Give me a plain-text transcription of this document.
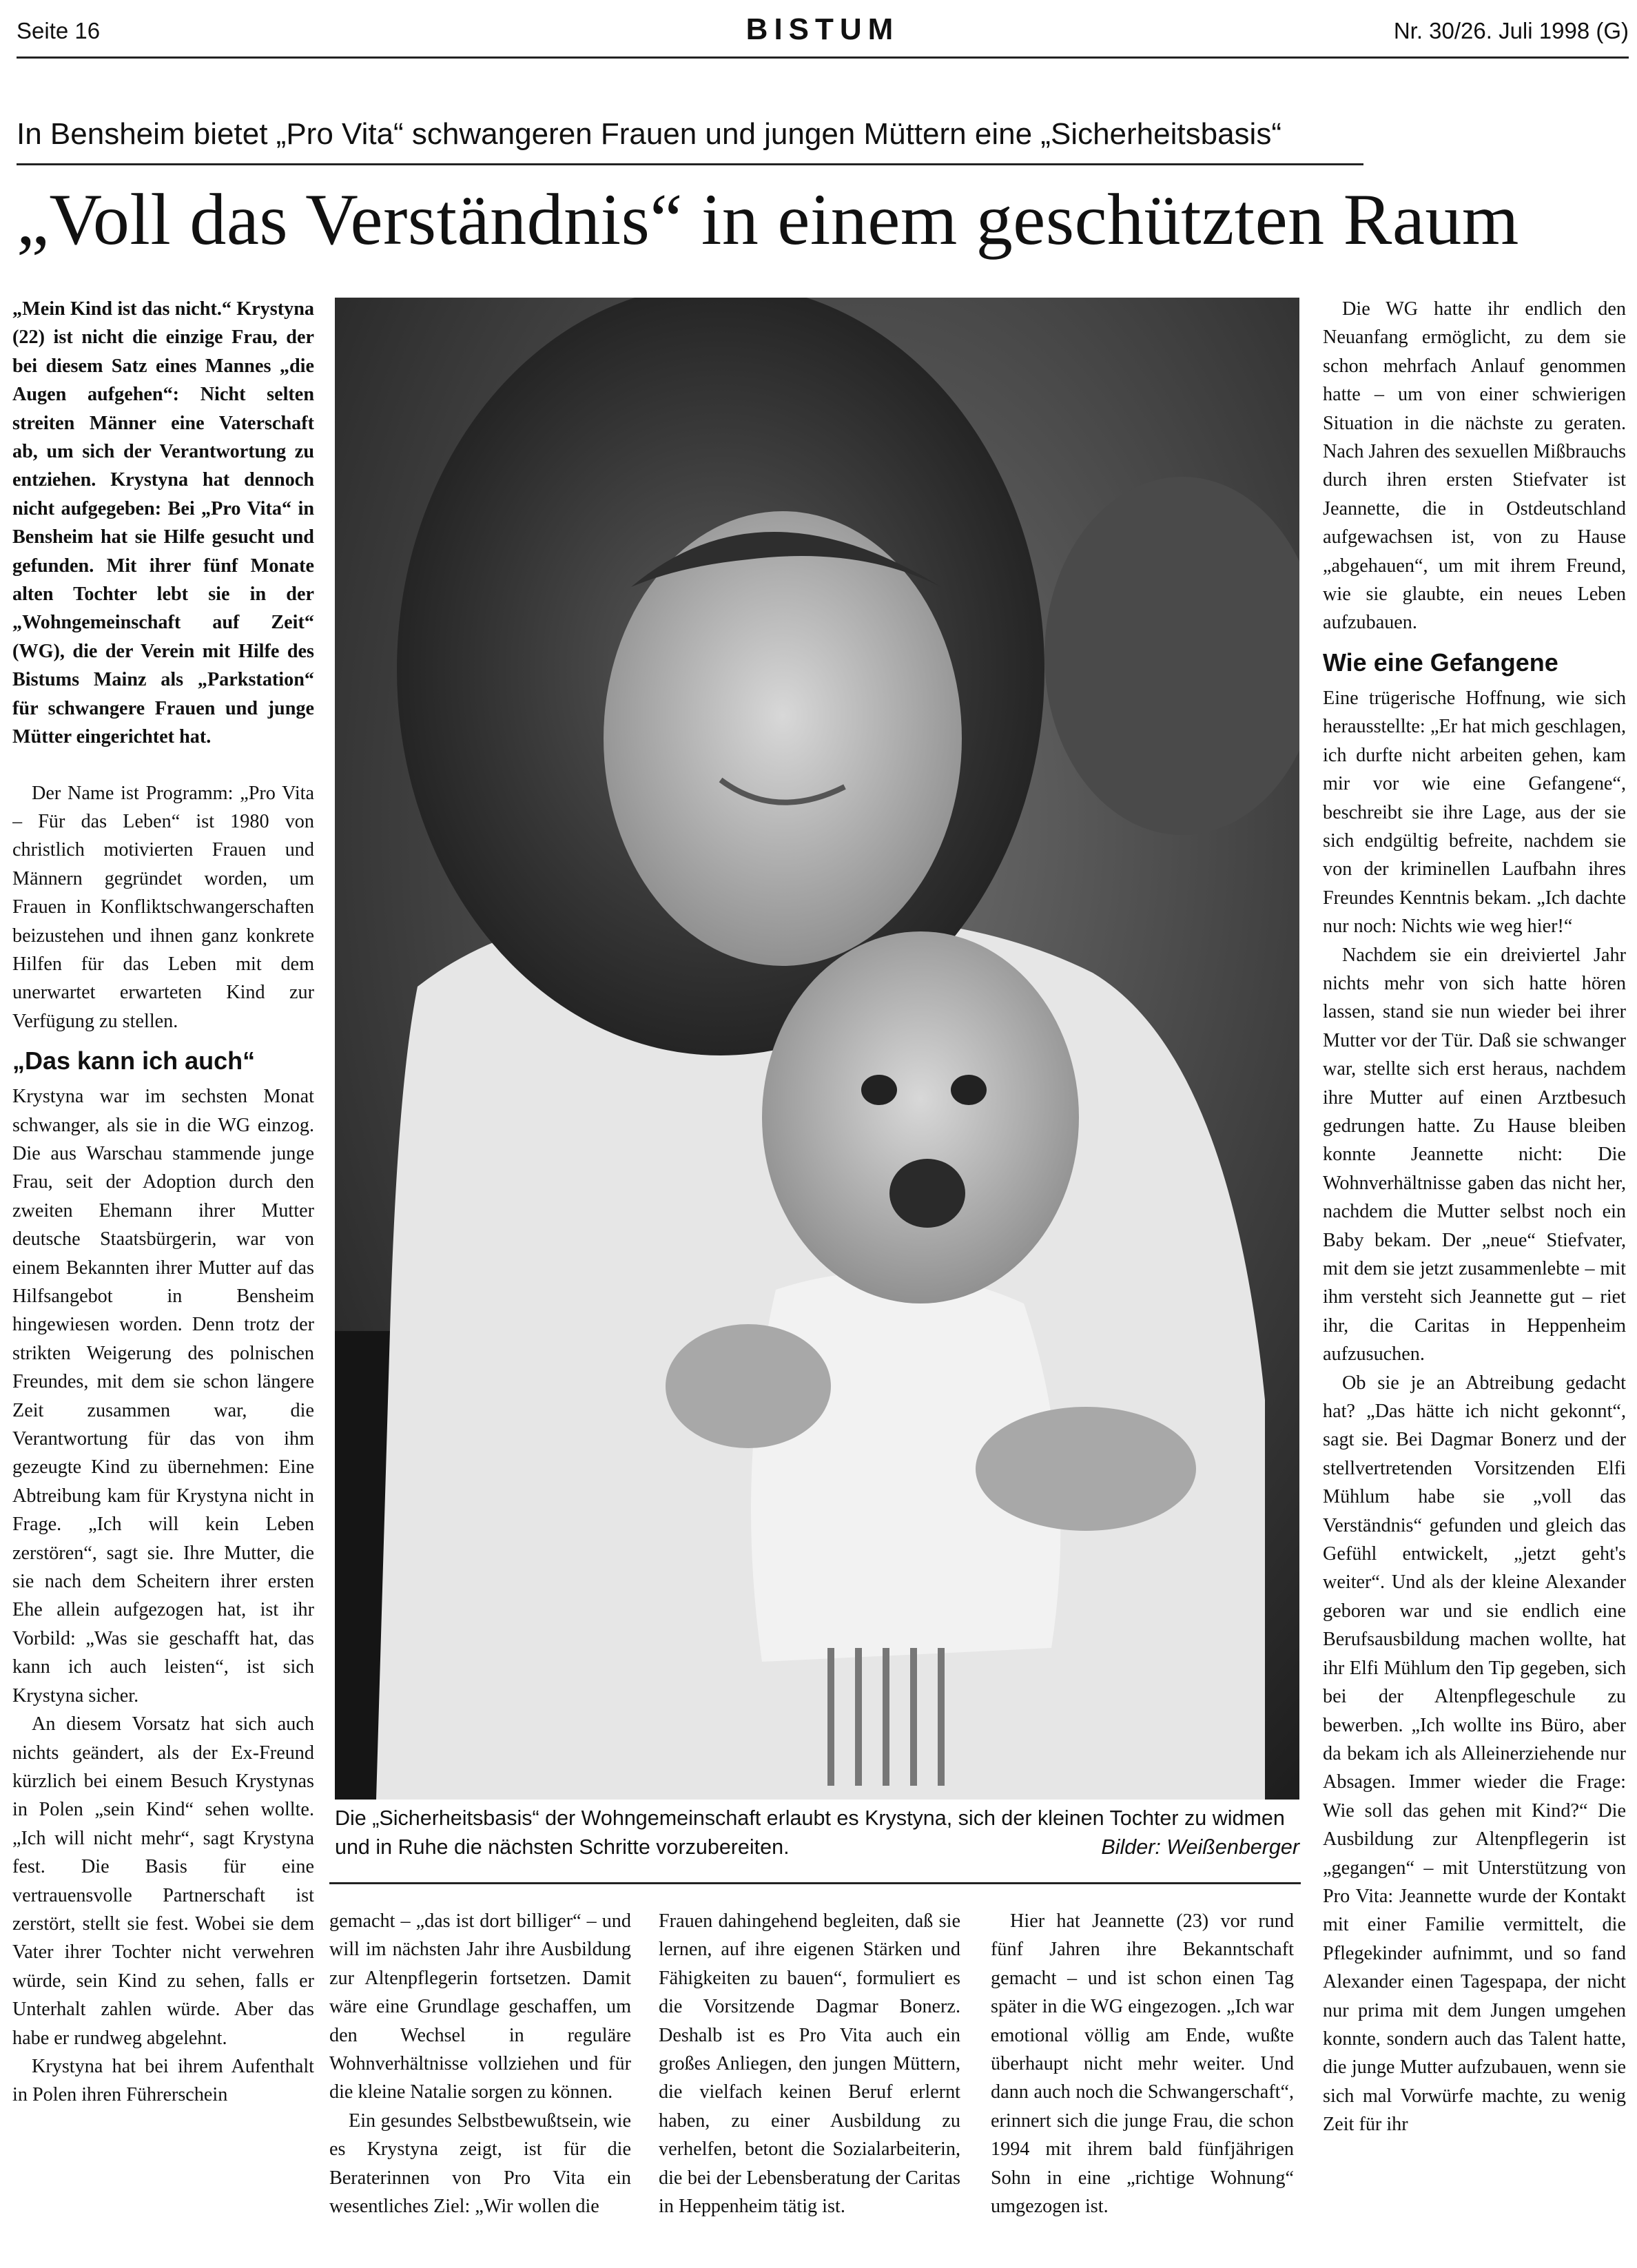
Seite 16	BISTUM	Nr. 30/26. Juli 1998 (G)
In Bensheim bietet „Pro Vita“ schwangeren Frauen und jungen Müttern eine „Sicherheitsbasis“
„Voll das Verständnis“ in einem geschützten Raum

„Mein Kind ist das nicht.“ Krystyna (22) ist nicht die einzige Frau, der bei diesem Satz eines Mannes „die Augen aufgehen“: Nicht selten streiten Männer eine Vaterschaft ab, um sich der Verantwortung zu entziehen. Krystyna hat dennoch nicht aufgegeben: Bei „Pro Vita“ in Bensheim hat sie Hilfe gesucht und gefunden. Mit ihrer fünf Monate alten Tochter lebt sie in der „Wohngemeinschaft auf Zeit“ (WG), die der Verein mit Hilfe des Bistums Mainz als „Parkstation“ für schwangere Frauen und junge Mütter eingerichtet hat.

Der Name ist Programm: „Pro Vita – Für das Leben“ ist 1980 von christlich motivierten Frauen und Männern gegründet worden, um Frauen in Konfliktschwangerschaften beizustehen und ihnen ganz konkrete Hilfen für das Leben mit dem unerwartet erwarteten Kind zur Verfügung zu stellen.

„Das kann ich auch“

Krystyna war im sechsten Monat schwanger, als sie in die WG einzog. Die aus Warschau stammende junge Frau, seit der Adoption durch den zweiten Ehemann ihrer Mutter deutsche Staatsbürgerin, war von einem Bekannten ihrer Mutter auf das Hilfsangebot in Bensheim hingewiesen worden. Denn trotz der strikten Weigerung des polnischen Freundes, mit dem sie schon längere Zeit zusammen war, die Verantwortung für das von ihm gezeugte Kind zu übernehmen: Eine Abtreibung kam für Krystyna nicht in Frage. „Ich will kein Leben zerstören“, sagt sie. Ihre Mutter, die sie nach dem Scheitern ihrer ersten Ehe allein aufgezogen hat, ist ihr Vorbild: „Was sie geschafft hat, das kann ich auch leisten“, ist sich Krystyna sicher.

An diesem Vorsatz hat sich auch nichts geändert, als der Ex-Freund kürzlich bei einem Besuch Krystynas in Polen „sein Kind“ sehen wollte. „Ich will nicht mehr“, sagt Krystyna fest. Die Basis für eine vertrauensvolle Partnerschaft ist zerstört, stellt sie fest. Wobei sie dem Vater ihrer Tochter nicht verwehren würde, sein Kind zu sehen, falls er Unterhalt zahlen würde. Aber das habe er rundweg abgelehnt.

Krystyna hat bei ihrem Aufenthalt in Polen ihren Führerschein

Die „Sicherheitsbasis“ der Wohngemeinschaft erlaubt es Krystyna, sich der kleinen Tochter zu widmen und in Ruhe die nächsten Schritte vorzubereiten.	Bilder: Weißenberger

gemacht – „das ist dort billiger“ – und will im nächsten Jahr ihre Ausbildung zur Altenpflegerin fortsetzen. Damit wäre eine Grundlage geschaffen, um den Wechsel in reguläre Wohnverhältnisse vollziehen und für die kleine Natalie sorgen zu können.

Ein gesundes Selbstbewußtsein, wie es Krystyna zeigt, ist für die Beraterinnen von Pro Vita ein wesentliches Ziel: „Wir wollen die

Frauen dahingehend begleiten, daß sie lernen, auf ihre eigenen Stärken und Fähigkeiten zu bauen“, formuliert es die Vorsitzende Dagmar Bonerz. Deshalb ist es Pro Vita auch ein großes Anliegen, den jungen Müttern, die vielfach keinen Beruf erlernt haben, zu einer Ausbildung zu verhelfen, betont die Sozialarbeiterin, die bei der Lebensberatung der Caritas in Heppenheim tätig ist.

Hier hat Jeannette (23) vor rund fünf Jahren ihre Bekanntschaft gemacht – und ist schon einen Tag später in die WG eingezogen. „Ich war emotional völlig am Ende, wußte überhaupt nicht mehr weiter. Und dann auch noch die Schwangerschaft“, erinnert sich die junge Frau, die schon 1994 mit ihrem bald fünfjährigen Sohn in eine „richtige Wohnung“ umgezogen ist.

Die WG hatte ihr endlich den Neuanfang ermöglicht, zu dem sie schon mehrfach Anlauf genommen hatte – um von einer schwierigen Situation in die nächste zu geraten. Nach Jahren des sexuellen Mißbrauchs durch ihren ersten Stiefvater ist Jeannette, die in Ostdeutschland aufgewachsen ist, von zu Hause „abgehauen“, um mit ihrem Freund, wie sie glaubte, ein neues Leben aufzubauen.

Wie eine Gefangene

Eine trügerische Hoffnung, wie sich herausstellte: „Er hat mich geschlagen, ich durfte nicht arbeiten gehen, kam mir vor wie eine Gefangene“, beschreibt sie ihre Lage, aus der sie sich endgültig befreite, nachdem sie von der kriminellen Laufbahn ihres Freundes Kenntnis bekam. „Ich dachte nur noch: Nichts wie weg hier!“

Nachdem sie ein dreiviertel Jahr nichts mehr von sich hatte hören lassen, stand sie nun wieder bei ihrer Mutter vor der Tür. Daß sie schwanger war, stellte sich erst heraus, nachdem ihre Mutter auf einen Arztbesuch gedrungen hatte. Zu Hause bleiben konnte Jeannette nicht: Die Wohnverhältnisse gaben das nicht her, nachdem die Mutter selbst noch ein Baby bekam. Der „neue“ Stiefvater, mit dem sie jetzt zusammenlebte – mit ihm versteht sich Jeannette gut – riet ihr, die Caritas in Heppenheim aufzusuchen.

Ob sie je an Abtreibung gedacht hat? „Das hätte ich nicht gekonnt“, sagt sie. Bei Dagmar Bonerz und der stellvertretenden Vorsitzenden Elfi Mühlum habe sie „voll das Verständnis“ gefunden und gleich das Gefühl entwickelt, „jetzt geht's weiter“. Und als der kleine Alexander geboren war und sie endlich eine Berufsausbildung machen wollte, hat ihr Elfi Mühlum den Tip gegeben, sich bei der Altenpflegeschule zu bewerben. „Ich wollte ins Büro, aber da bekam ich als Alleinerziehende nur Absagen. Immer wieder die Frage: Wie soll das gehen mit Kind?“ Die Ausbildung zur Altenpflegerin ist „gegangen“ – mit Unterstützung von Pro Vita: Jeannette wurde der Kontakt mit einer Familie vermittelt, die Pflegekinder aufnimmt, und so fand Alexander einen Tagespapa, der nicht nur prima mit dem Jungen umgehen konnte, sondern auch das Talent hatte, die junge Mutter aufzubauen, wenn sie sich mal Vorwürfe machte, zu wenig Zeit für ihr
